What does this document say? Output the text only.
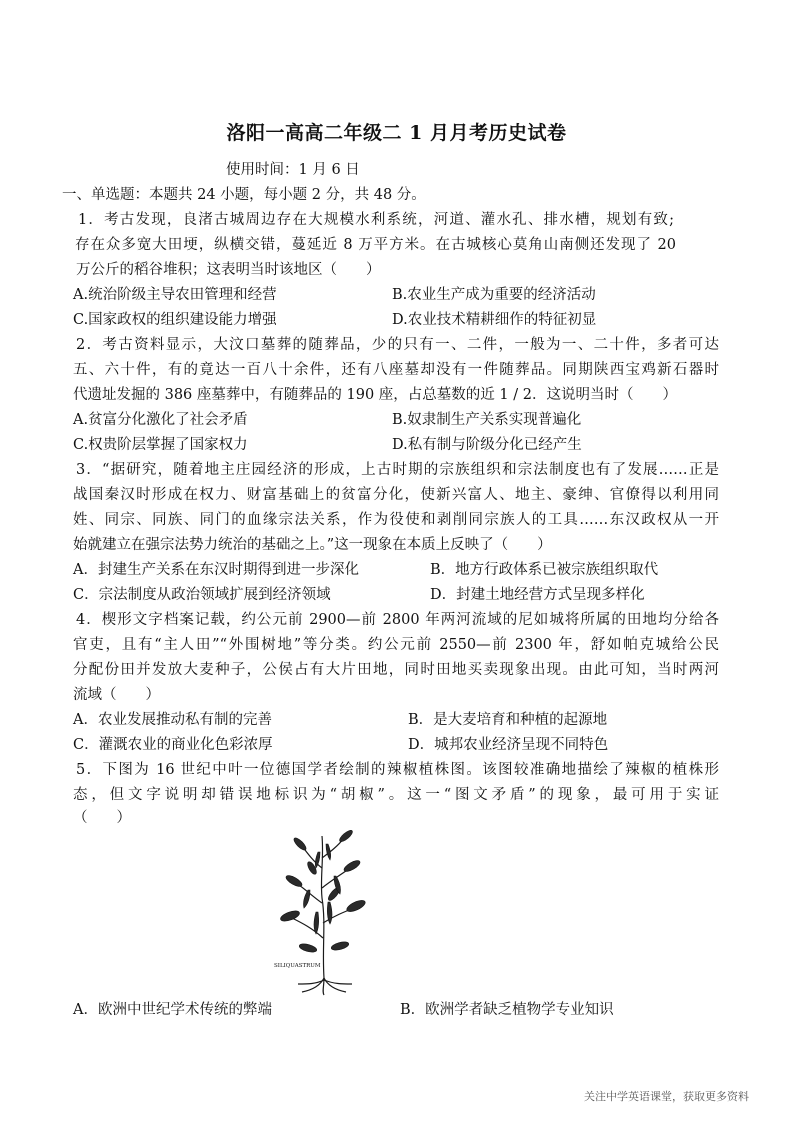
洛阳一高高二年级二 1 月月考历史试卷
使用时间：1 月 6 日
一、单选题：本题共 24 小题，每小题 2 分，共 48 分。
1．考古发现，良渚古城周边存在大规模水利系统，河道、灌水孔、排水槽，规划有致;
存在众多宽大田埂，纵横交错，蔓延近 8 万平方米。在古城核心莫角山南侧还发现了 20
万公斤的稻谷堆积；这表明当时该地区（　　）
A.统治阶级主导农田管理和经营	B.农业生产成为重要的经济活动
C.国家政权的组织建设能力增强	D.农业技术精耕细作的特征初显
2．考古资料显示，大汶口墓葬的随葬品，少的只有一、二件，一般为一、二十件，多者可达
五、六十件，有的竟达一百八十余件，还有八座墓却没有一件随葬品。同期陕西宝鸡新石器时
代遗址发掘的 386 座墓葬中，有随葬品的 190 座，占总墓数的近 1 / 2．这说明当时（　　）
A.贫富分化激化了社会矛盾	B.奴隶制生产关系实现普遍化
C.权贵阶层掌握了国家权力	D.私有制与阶级分化已经产生
3．“据研究，随着地主庄园经济的形成，上古时期的宗族组织和宗法制度也有了发展……正是
战国秦汉时形成在权力、财富基础上的贫富分化，使新兴富人、地主、豪绅、官僚得以利用同
姓、同宗、同族、同门的血缘宗法关系，作为役使和剥削同宗族人的工具……东汉政权从一开
始就建立在强宗法势力统治的基础之上。”这一现象在本质上反映了（　　）
A．封建生产关系在东汉时期得到进一步深化	B．地方行政体系已被宗族组织取代
C．宗法制度从政治领域扩展到经济领域	D．封建土地经营方式呈现多样化
4．楔形文字档案记载，约公元前 2900—前 2800 年两河流域的尼如城将所属的田地均分给各
官吏，且有“主人田”“外围树地”等分类。约公元前 2550—前 2300 年，舒如帕克城给公民
分配份田并发放大麦种子，公侯占有大片田地，同时田地买卖现象出现。由此可知，当时两河
流域（　　）
A．农业发展推动私有制的完善	B．是大麦培育和种植的起源地
C．灌溉农业的商业化色彩浓厚	D．城邦农业经济呈现不同特色
5．下图为 16 世纪中叶一位德国学者绘制的辣椒植株图。该图较准确地描绘了辣椒的植株形
态，但文字说明却错误地标识为“胡椒”。这一“图文矛盾”的现象，最可用于实证
（　　）
SILIQUASTRUM
A．欧洲中世纪学术传统的弊端	B．欧洲学者缺乏植物学专业知识
关注中学英语课堂，获取更多资料
